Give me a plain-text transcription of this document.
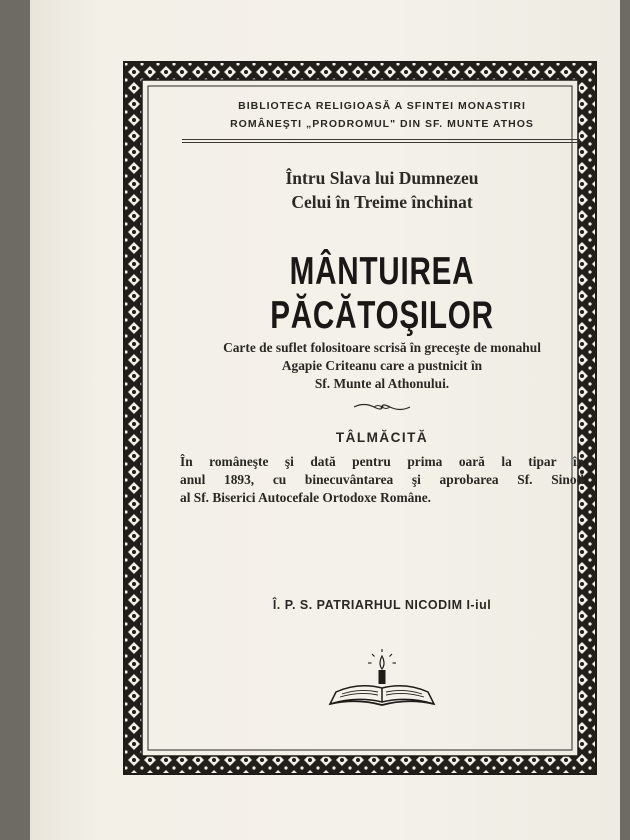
BIBLIOTECA RELIGIOASĂ A SFINTEI MONASTIRI
ROMÂNEŞTI „PRODROMUL" DIN SF. MUNTE ATHOS
Întru Slava lui Dumnezeu
Celui în Treime închinat
MÂNTUIREA PĂCĂTOŞILOR
Carte de suflet folositoare scrisă în greceşte de monahul
Agapie Criteanu care a pustnicit în
Sf. Munte al Athonului.
TÂLMĂCITĂ
În româneşte şi dată pentru prima oară la tipar în
anul 1893, cu binecuvântarea şi aprobarea Sf. Sinod
al Sf. Biserici Autocefale Ortodoxe Române.
Î. P. S. PATRIARHUL NICODIM I-iul
